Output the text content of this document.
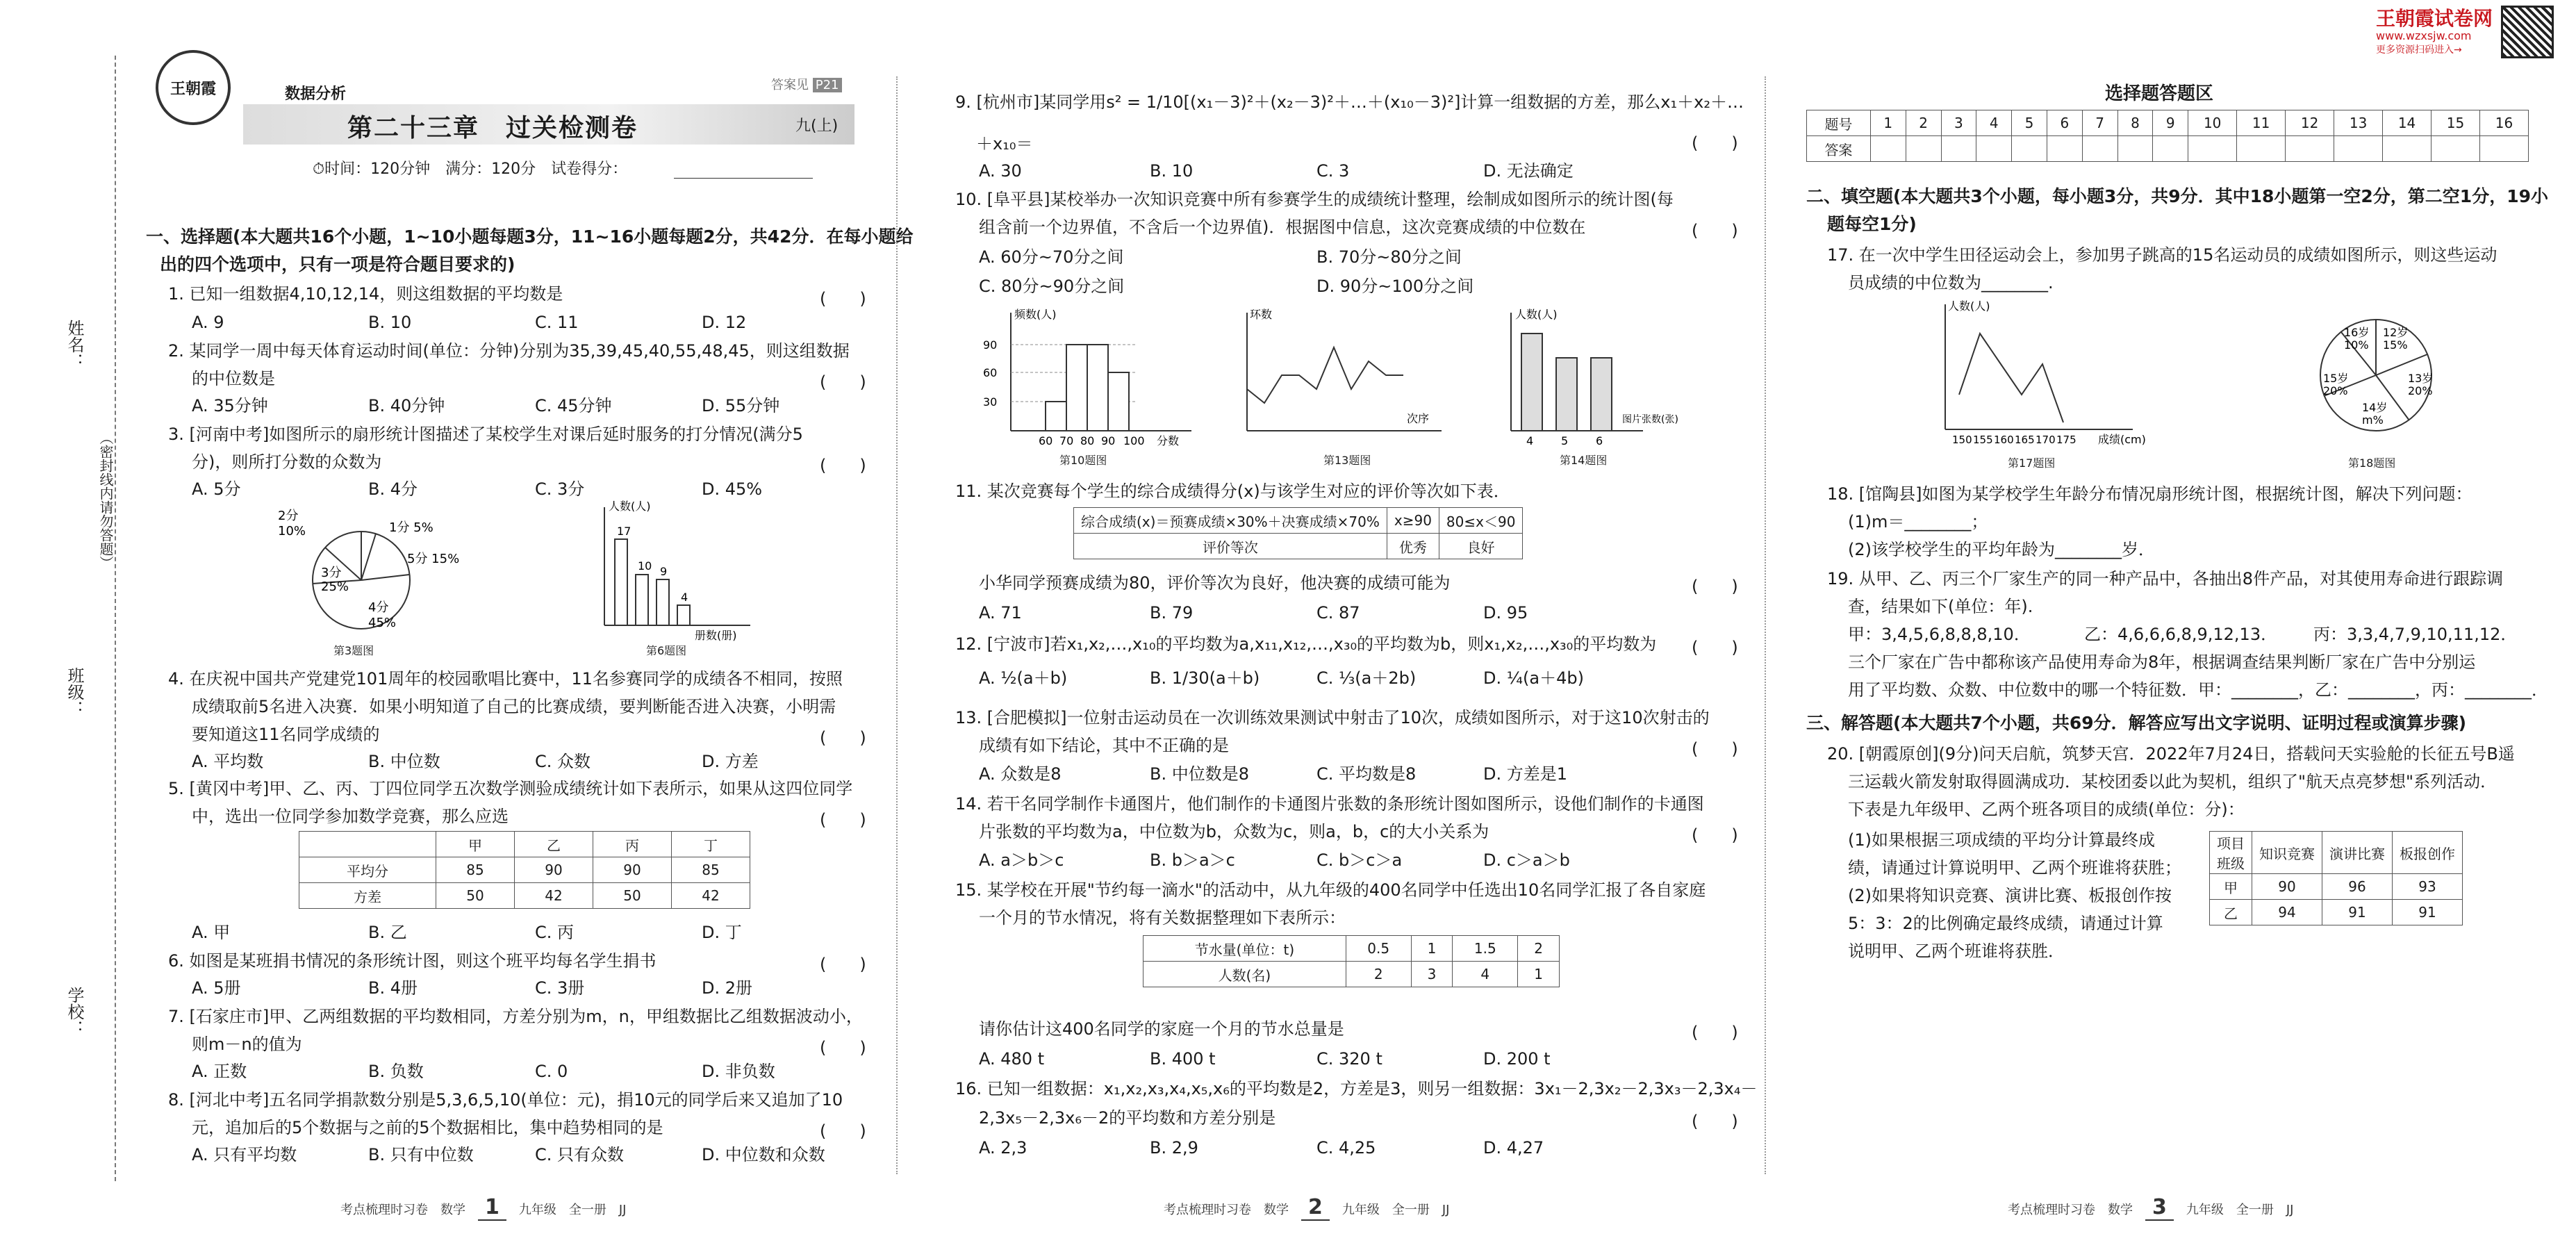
王朝霞试卷网
www.wzxsjw.com
更多资源扫码进入→
姓名：
班级：
学校：
（密封线内请勿答题）
王朝霞	数据分析
答案见 P21
第二十三章　过关检测卷	九(上)
⏱时间：120分钟　满分：120分　试卷得分：
一、选择题(本大题共16个小题，1~10小题每题3分，11~16小题每题2分，共42分．在每小题给
出的四个选项中，只有一项是符合题目要求的)
1. 已知一组数据4,10,12,14，则这组数据的平均数是	(　　)
A. 9	B. 10	C. 11	D. 12
2. 某同学一周中每天体育运动时间(单位：分钟)分别为35,39,45,40,55,48,45，则这组数据
的中位数是	(　　)
A. 35分钟	B. 40分钟	C. 45分钟	D. 55分钟
3. [河南中考]如图所示的扇形统计图描述了某校学生对课后延时服务的打分情况(满分5
分)，则所打分数的众数为	(　　)
A. 5分	B. 4分	C. 3分	D. 45%
2分
10%	1分 5%
3分
25%
4分
45%
5分 15%
第3题图
17
10 9
4
人数(人)
册数(册)
第6题图
4. 在庆祝中国共产党建党101周年的校园歌唱比赛中，11名参赛同学的成绩各不相同，按照
成绩取前5名进入决赛．如果小明知道了自己的比赛成绩，要判断能否进入决赛，小明需
要知道这11名同学成绩的	(　　)
A. 平均数	B. 中位数	C. 众数	D. 方差
5. [黄冈中考]甲、乙、丙、丁四位同学五次数学测验成绩统计如下表所示，如果从这四位同学
中，选出一位同学参加数学竞赛，那么应选	(　　)
	甲	乙	丙	丁
平均分	85	90	90	85
方差	50	42	50	42
A. 甲	B. 乙	C. 丙	D. 丁
6. 如图是某班捐书情况的条形统计图，则这个班平均每名学生捐书	(　　)
A. 5册	B. 4册	C. 3册	D. 2册
7. [石家庄市]甲、乙两组数据的平均数相同，方差分别为m，n，甲组数据比乙组数据波动小，
则m－n的值为	(　　)
A. 正数	B. 负数	C. 0	D. 非负数
8. [河北中考]五名同学捐款数分别是5,3,6,5,10(单位：元)，捐10元的同学后来又追加了10
元，追加后的5个数据与之前的5个数据相比，集中趋势相同的是	(　　)
A. 只有平均数	B. 只有中位数	C. 只有众数	D. 中位数和众数
考点梳理时习卷　数学　 1　 九年级　全一册　JJ
9. [杭州市]某同学用s² = 1/10[(x₁－3)²＋(x₂－3)²＋…＋(x₁₀－3)²]计算一组数据的方差，那么x₁＋x₂＋…
＋x₁₀＝	(　　)
A. 30	B. 10	C. 3	D. 无法确定
10. [阜平县]某校举办一次知识竞赛中所有参赛学生的成绩统计整理，绘制成如图所示的统计图(每
组含前一个边界值，不含后一个边界值)．根据图中信息，这次竞赛成绩的中位数在	(　　)
A. 60分~70分之间	B. 70分~80分之间
C. 80分~90分之间	D. 90分~100分之间
90
60
30
60 70 80 90 100 分数
频数(人)
第10题图
环数
次序
第13题图
4 5 6
人数(人)
图片张数(张)
第14题图
11. 某次竞赛每个学生的综合成绩得分(x)与该学生对应的评价等次如下表．
综合成绩(x)＝预赛成绩×30%＋决赛成绩×70%	x≥90	80≤x＜90
评价等次	优秀	良好
小华同学预赛成绩为80，评价等次为良好，他决赛的成绩可能为	(　　)
A. 71	B. 79	C. 87	D. 95
12. [宁波市]若x₁,x₂,…,x₁₀的平均数为a,x₁₁,x₁₂,…,x₃₀的平均数为b，则x₁,x₂,…,x₃₀的平均数为 (　　)
A. ½(a＋b)	B. 1/30(a＋b)	C. ⅓(a＋2b)	D. ¼(a＋4b)
13. [合肥模拟]一位射击运动员在一次训练效果测试中射击了10次，成绩如图所示，对于这10次射击的
成绩有如下结论，其中不正确的是	(　　)
A. 众数是8	B. 中位数是8	C. 平均数是8	D. 方差是1
14. 若干名同学制作卡通图片，他们制作的卡通图片张数的条形统计图如图所示，设他们制作的卡通图
片张数的平均数为a，中位数为b，众数为c，则a，b，c的大小关系为	(　　)
A. a＞b＞c	B. b＞a＞c	C. b＞c＞a	D. c＞a＞b
15. 某学校在开展"节约每一滴水"的活动中，从九年级的400名同学中任选出10名同学汇报了各自家庭
一个月的节水情况，将有关数据整理如下表所示：
节水量(单位：t)	0.5	1	1.5	2
人数(名)	2	3	4	1
请你估计这400名同学的家庭一个月的节水总量是	(　　)
A. 480 t	B. 400 t	C. 320 t	D. 200 t
16. 已知一组数据：x₁,x₂,x₃,x₄,x₅,x₆的平均数是2，方差是3，则另一组数据：3x₁－2,3x₂－2,3x₃－2,3x₄－
2,3x₅－2,3x₆－2的平均数和方差分别是	(　　)
A. 2,3	B. 2,9	C. 4,25	D. 4,27
考点梳理时习卷　数学　 2　 九年级　全一册　JJ
选择题答题区
题号	1	2	3	4	5	6	7	8	9	10	11	12	13	14	15	16
答案																
二、填空题(本大题共3个小题，每小题3分，共9分．其中18小题第一空2分，第二空1分，19小
题每空1分)
17. 在一次中学生田径运动会上，参加男子跳高的15名运动员的成绩如图所示，则这些运动
员成绩的中位数为________.
人数(人)
成绩(cm)
150 155 160 165 170 175
第17题图
16岁
10%
12岁
15%
13岁
20%
14岁
m%
15岁
20%
第18题图
18. [馆陶县]如图为某学校学生年龄分布情况扇形统计图，根据统计图，解决下列问题：
(1)m＝________；
(2)该学校学生的平均年龄为________岁．
19. 从甲、乙、丙三个厂家生产的同一种产品中，各抽出8件产品，对其使用寿命进行跟踪调
查，结果如下(单位：年).
甲：3,4,5,6,8,8,8,10．	乙：4,6,6,6,8,9,12,13． 丙：3,3,4,7,9,10,11,12．
三个厂家在广告中都称该产品使用寿命为8年，根据调查结果判断厂家在广告中分别运
用了平均数、众数、中位数中的哪一个特征数．甲：________，乙：________，丙：________．
三、解答题(本大题共7个小题，共69分．解答应写出文字说明、证明过程或演算步骤)
20. [朝霞原创](9分)问天启航，筑梦天宫．2022年7月24日，搭载问天实验舱的长征五号B遥
三运载火箭发射取得圆满成功．某校团委以此为契机，组织了"航天点亮梦想"系列活动．
下表是九年级甲、乙两个班各项目的成绩(单位：分)：
(1)如果根据三项成绩的平均分计算最终成
绩，请通过计算说明甲、乙两个班谁将获胜；
(2)如果将知识竞赛、演讲比赛、板报创作按
5：3：2的比例确定最终成绩，请通过计算
说明甲、乙两个班谁将获胜．
项目
班级	知识竞赛	演讲比赛	板报创作
甲	90	96	93
乙	94	91	91
考点梳理时习卷　数学　 3　 九年级　全一册　JJ
